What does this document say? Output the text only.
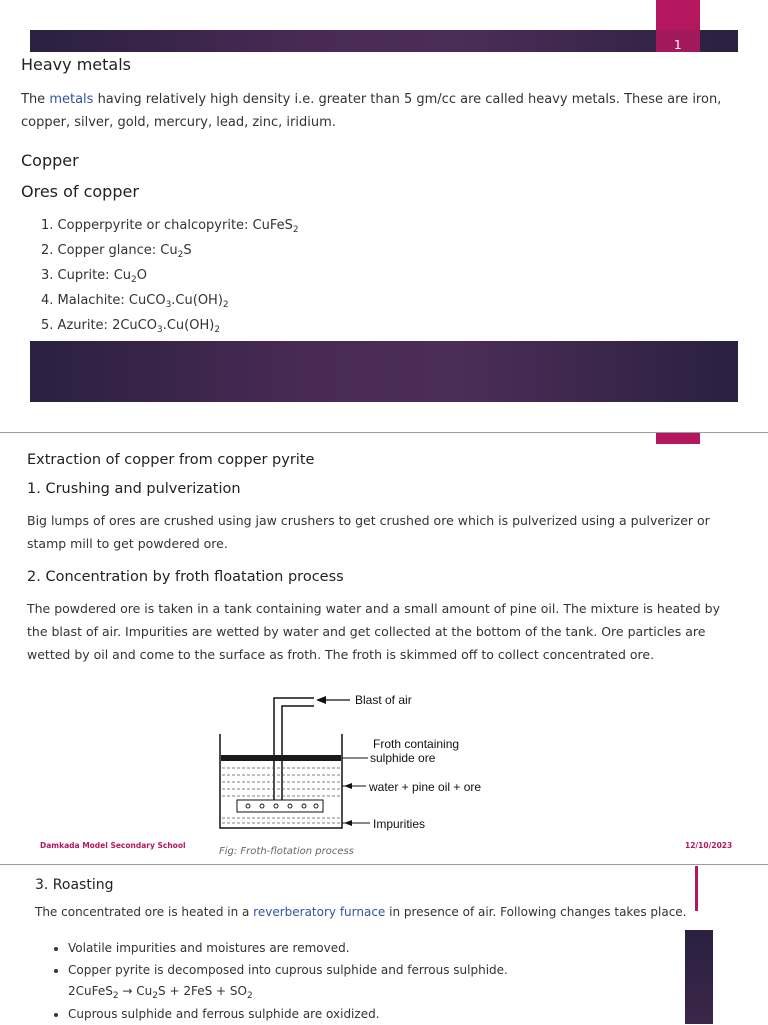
1
Heavy metals
The metals having relatively high density i.e. greater than 5 gm/cc are called heavy metals. These are iron,
copper, silver, gold, mercury, lead, zinc, iridium.
Copper
Ores of copper
1. Copperpyrite or chalcopyrite: CuFeS$_2$
2. Copper glance: $Cu_2S$
3. Cuprite: $Cu_2O$
4. Malachite: $CuCO_3.Cu(OH)_2$
5. Azurite: $2CuCO_3.Cu(OH)_2$
Extraction of copper from copper pyrite
1. Crushing and pulverization
Big lumps of ores are crushed using jaw crushers to get crushed ore which is pulverized using a pulverizer or
stamp mill to get powdered ore.
2. Concentration by froth floatation process
The powdered ore is taken in a tank containing water and a small amount of pine oil. The mixture is heated by
the blast of air. Impurities are wetted by water and get collected at the bottom of the tank. Ore particles are
wetted by oil and come to the surface as froth. The froth is skimmed off to collect concentrated ore.
Blast of air
Froth containing
sulphide ore
water + pine oil + ore
Impurities
Fig: Froth-flotation process
Damkada Model Secondary School	12/10/2023
3. Roasting
The concentrated ore is heated in a reverberatory furnace in presence of air. Following changes takes place.
• Volatile impurities and moistures are removed.
• Copper pyrite is decomposed into cuprous sulphide and ferrous sulphide.
2CuFeS$_2$ → $Cu_2S + 2FeS + SO_2$
• Cuprous sulphide and ferrous sulphide are oxidized.
